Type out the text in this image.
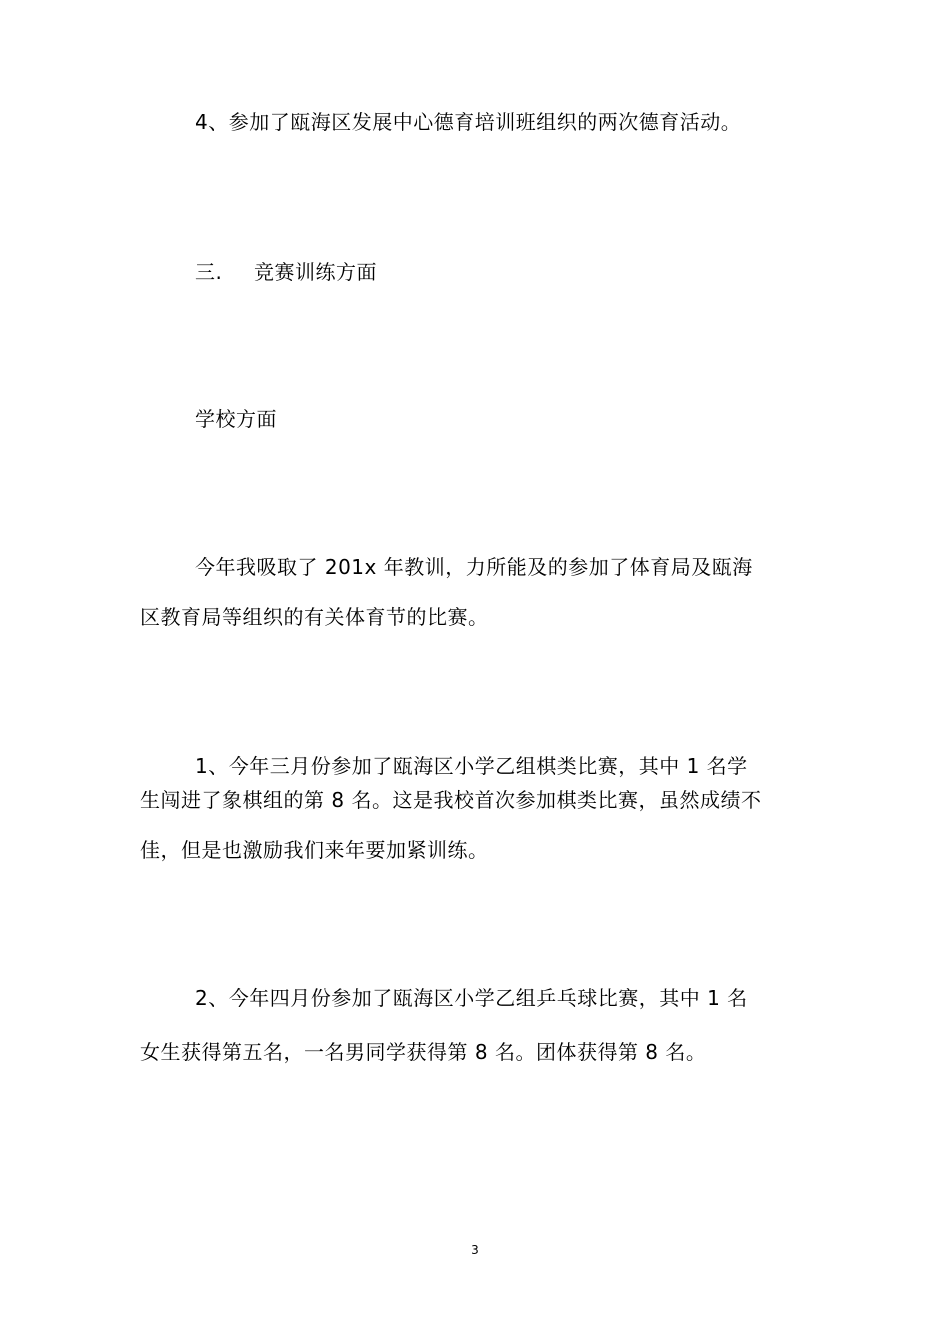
4、参加了瓯海区发展中心德育培训班组织的两次德育活动。
三. 竞赛训练方面
学校方面
今年我吸取了 201x 年教训，力所能及的参加了体育局及瓯海
区教育局等组织的有关体育节的比赛。
1、今年三月份参加了瓯海区小学乙组棋类比赛，其中 1 名学
生闯进了象棋组的第 8 名。这是我校首次参加棋类比赛，虽然成绩不
佳，但是也激励我们来年要加紧训练。
2、今年四月份参加了瓯海区小学乙组乒乓球比赛，其中 1 名
女生获得第五名，一名男同学获得第 8 名。团体获得第 8 名。
3
